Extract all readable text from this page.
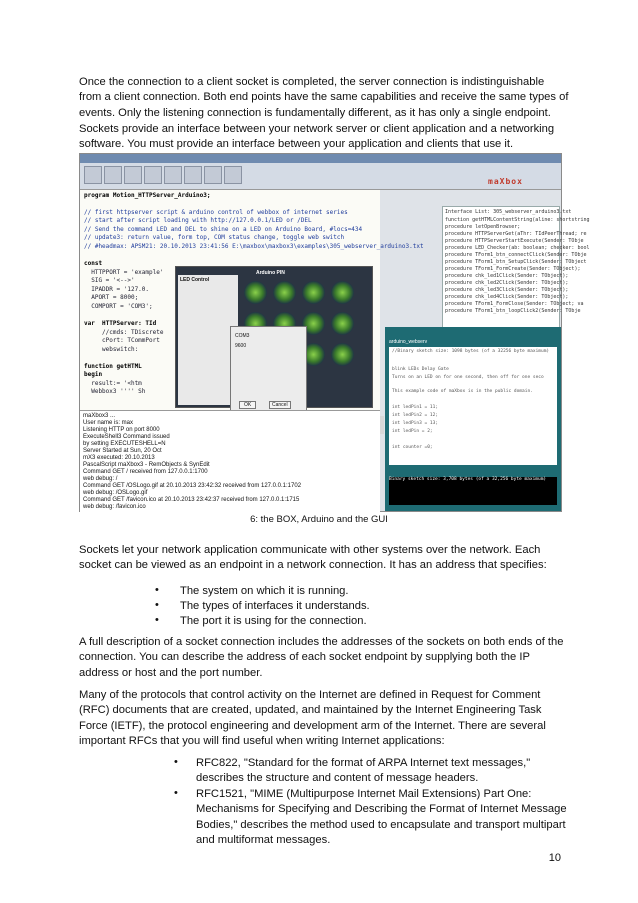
Once the connection to a client socket is completed, the server connection is indistinguishable from a client connection. Both end points have the same capabilities and receive the same types of events. Only the listening connection is fundamentally different, as it has only a single endpoint.

Sockets provide an interface between your network server or client application and a networking software. You must provide an interface between your application and clients that use it.

maXbox
program Motion_HTTPServer_Arduino3;
// first httpserver script & arduino control of webbox of internet series
// start after script loading with http://127.0.0.1/LED or /DEL
// Send the command LED and DEL to shine on a LED on Arduino Board, #locs=434
// update3: return value, form top, COM status change, toggle web switch
// #headmax: APSM21: 20.10.2013 23:41:56 E:\maxbox\maxbox3\examples\305_webserver_arduino3.txt
const
HTTPPORT = 'example'
SIG = '<-->'
IPADDR = '127.0.
APORT = 8000;
COMPORT = 'COM3';
var  HTTPServer: TId
//cmds: TDiscrete
cPort: TCommPort
webswitch:
function getHTML
begin
result:= '<htm
Webbox3 '''' Sh
Interface List: 305_webserver_arduino3.txt
function getHTMLContentString(aline: shortstring
procedure letOpenBrowser;
procedure HTTPServerGet(aThr: TIdPeerThread; re
procedure HTTPServerStartExecute(Sender: TObje
procedure LED_Checker(ab: boolean; checker: bool
procedure TForm1_btn_connectClick(Sender: TObje
procedure TForm1_btn_SetupClick(Sender: TObject
procedure TForm1_FormCreate(Sender: TObject);
procedure chk_led1Click(Sender: TObject);
procedure chk_led2Click(Sender: TObject);
procedure chk_led3Click(Sender: TObject);
procedure chk_led4Click(Sender: TObject);
procedure TForm1_FormClose(Sender: TObject; va
procedure TForm1_btn_loopClick2(Sender: TObje
LED Control
Arduino PIN
COM3
9600
OK	Cancel
maXbox3 ...
User name is: max
Listening HTTP on port 8000
ExecuteShell3 Command issued
by setting EXECUTESHELL=N
Server Started at Sun, 20 Oct
mX3 executed: 20.10.2013
PascalScript maXbox3 - RemObjects & SynEdit
Command GET / received from 127.0.0.1:1700
web debug: /
Command GET /OSLogo.gif at 20.10.2013 23:42:32 received from 127.0.0.1:1702
web debug: /OSLogo.gif
Command GET /favicon.ico at 20.10.2013 23:42:37 received from 127.0.0.1:1715
web debug: /favicon.ico
arduino_webserv
//Binary sketch size: 1098 bytes (of a 32256 byte maximum)
blink LEDs Delay Gate
Turns on an LED on for one second, then off for one seco
This example code of maXbox is in the public domain.
int ledPin1 = 11;
int ledPin2 = 12;
int ledPin3 = 13;
int ledPin = 2;
int counter =0;
Binary sketch size: 3,708 bytes (of a 32,256 byte maximum)
6: the BOX, Arduino and the GUI

Sockets let your network application communicate with other systems over the network. Each socket can be viewed as an endpoint in a network connection. It has an address that specifies:

• The system on which it is running.

• The types of interfaces it understands.

• The port it is using for the connection.

A full description of a socket connection includes the addresses of the sockets on both ends of the connection. You can describe the address of each socket endpoint by supplying both the IP address or host and the port number.

Many of the protocols that control activity on the Internet are defined in Request for Comment (RFC) documents that are created, updated, and maintained by the Internet Engineering Task Force (IETF), the protocol engineering and development arm of the Internet. There are several important RFCs that you will find useful when writing Internet applications:

• RFC822, "Standard for the format of ARPA Internet text messages," describes the structure and content of message headers.

• RFC1521, "MIME (Multipurpose Internet Mail Extensions) Part One: Mechanisms for Specifying and Describing the Format of Internet Message Bodies," describes the method used to encapsulate and transport multipart and multiformat messages.

10
